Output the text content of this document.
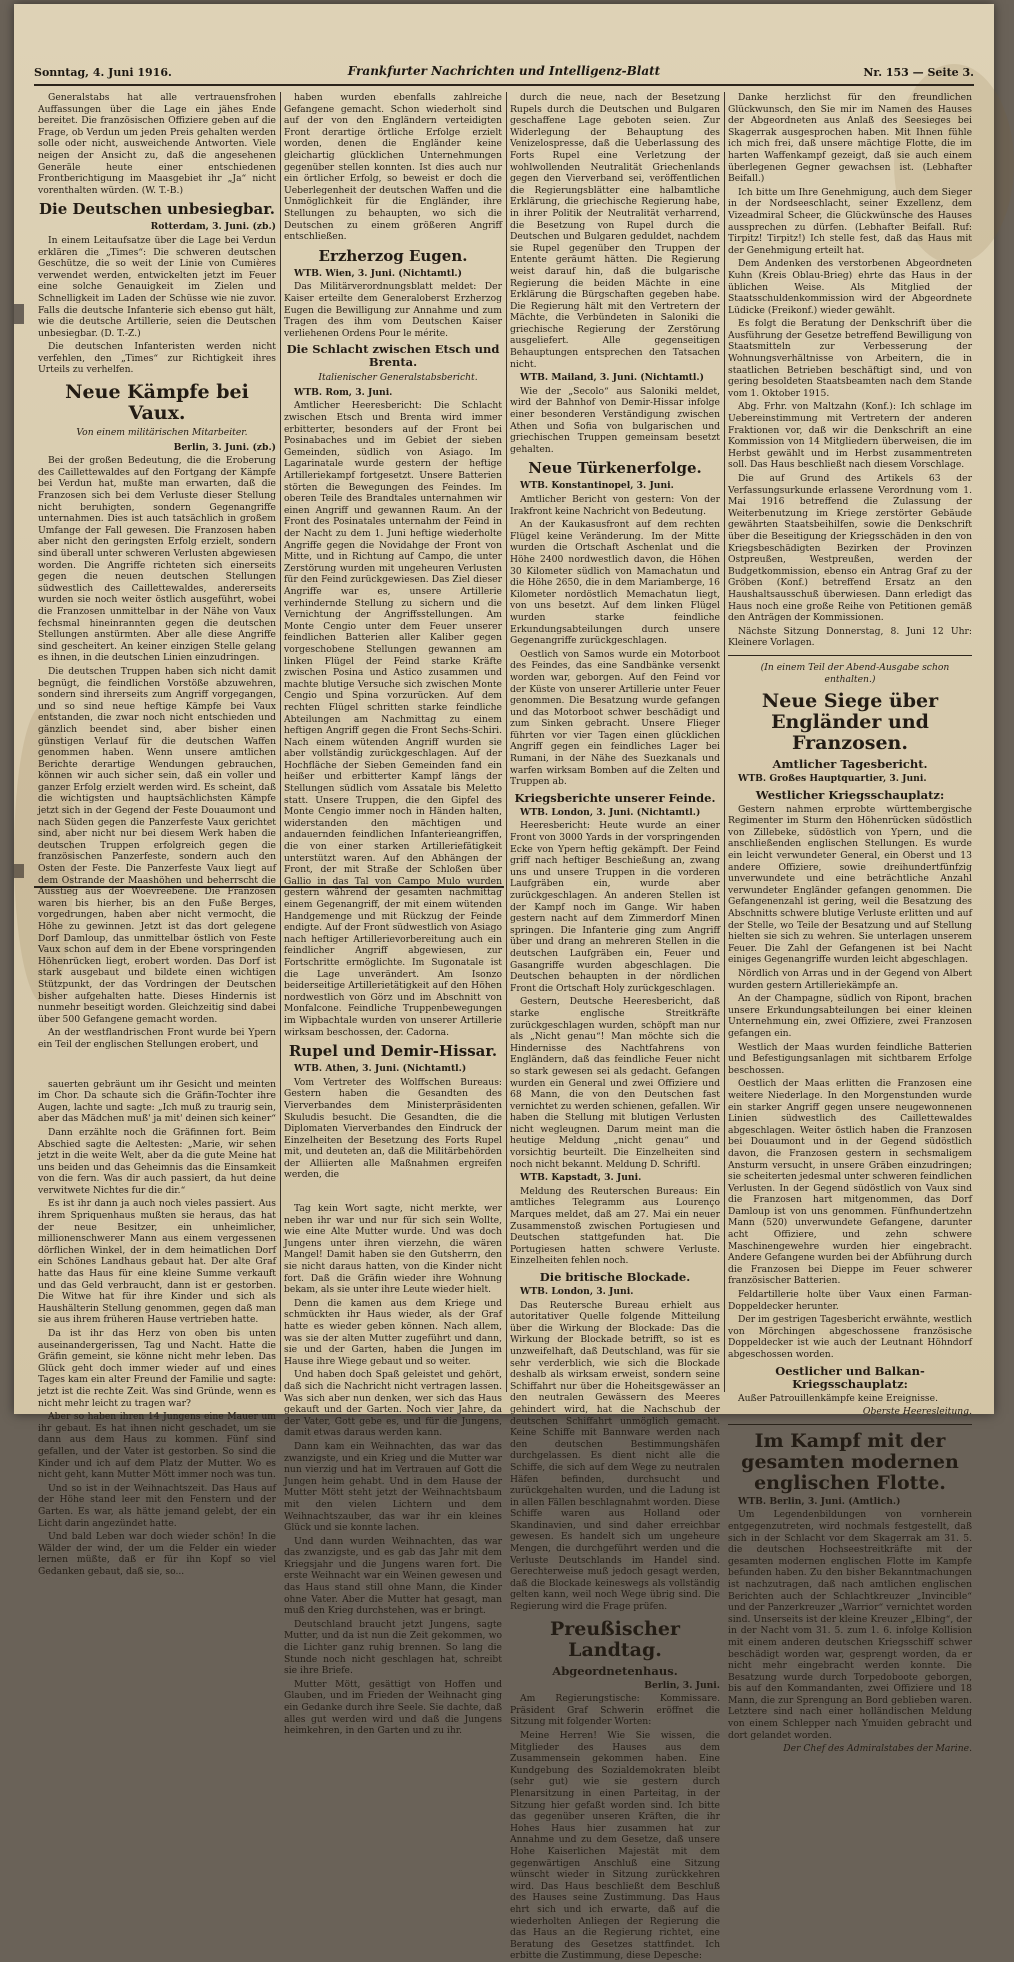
Sonntag, 4. Juni 1916.	Frankfurter Nachrichten und Intelligenz-Blatt	Nr. 153 — Seite 3.

Generalstabs hat alle vertrauensfrohen Auffassungen über die Lage ein jähes Ende bereitet. Die französischen Offiziere geben auf die Frage, ob Verdun um jeden Preis gehalten werden solle oder nicht, ausweichende Antworten. Viele neigen der Ansicht zu, daß die angesehenen Generäle heute einer entschiedenen Frontberichtigung im Maasgebiet ihr „Ja“ nicht vorenthalten würden. (W. T.-B.)

Die Deutschen unbesiegbar.

Rotterdam, 3. Juni. (zb.)

In einem Leitaufsatze über die Lage bei Verdun erklären die „Times“: Die schweren deutschen Geschütze, die so weit der Linie von Cumières verwendet werden, entwickelten jetzt im Feuer eine solche Genauigkeit im Zielen und Schnelligkeit im Laden der Schüsse wie nie zuvor. Falls die deutsche Infanterie sich ebenso gut hält, wie die deutsche Artillerie, seien die Deutschen unbesiegbar. (D. T.-Z.)

Die deutschen Infanteristen werden nicht verfehlen, den „Times“ zur Richtigkeit ihres Urteils zu verhelfen.

Neue Kämpfe bei Vaux.

Von einem militärischen Mitarbeiter.

Berlin, 3. Juni. (zb.)

Bei der großen Bedeutung, die die Eroberung des Caillettewaldes auf den Fortgang der Kämpfe bei Verdun hat, mußte man erwarten, daß die Franzosen sich bei dem Verluste dieser Stellung nicht beruhigten, sondern Gegenangriffe unternahmen. Dies ist auch tatsächlich in großem Umfange der Fall gewesen. Die Franzosen haben aber nicht den geringsten Erfolg erzielt, sondern sind überall unter schweren Verlusten abgewiesen worden. Die Angriffe richteten sich einerseits gegen die neuen deutschen Stellungen südwestlich des Caillettewaldes, andererseits wurden sie noch weiter östlich ausgeführt, wobei die Franzosen unmittelbar in der Nähe von Vaux fechsmal hineinrannten gegen die deutschen Stellungen anstürmten. Aber alle diese Angriffe sind gescheitert. An keiner einzigen Stelle gelang es ihnen, in die deutschen Linien einzudringen.

Die deutschen Truppen haben sich nicht damit begnügt, die feindlichen Vorstöße abzuwehren, sondern sind ihrerseits zum Angriff vorgegangen, und so sind neue heftige Kämpfe bei Vaux entstanden, die zwar noch nicht entschieden und gänzlich beendet sind, aber bisher einen günstigen Verlauf für die deutschen Waffen genommen haben. Wenn unsere amtlichen Berichte derartige Wendungen gebrauchen, können wir auch sicher sein, daß ein voller und ganzer Erfolg erzielt werden wird. Es scheint, daß die wichtigsten und hauptsächlichsten Kämpfe jetzt sich in der Gegend der Feste Douaumont und nach Süden gegen die Panzerfeste Vaux gerichtet sind, aber nicht nur bei diesem Werk haben die deutschen Truppen erfolgreich gegen die französischen Panzerfeste, sondern auch den Osten der Feste. Die Panzerfeste Vaux liegt auf dem Ostrande der Maashöhen und beherrscht die Ausstieg aus der Woevreebene. Die Franzosen waren bis hierher, bis an den Fuße Berges, vorgedrungen, haben aber nicht vermocht, die Höhe zu gewinnen. Jetzt ist das dort gelegene Dorf Damloup, das unmittelbar östlich von Feste Vaux schon auf dem in der Ebene vorspringenden Höhenrücken liegt, erobert worden. Das Dorf ist stark ausgebaut und bildete einen wichtigen Stützpunkt, der das Vordringen der Deutschen bisher aufgehalten hatte. Dieses Hindernis ist nunmehr beseitigt worden. Gleichzeitig sind dabei über 500 Gefangene gemacht worden.

An der westflandrischen Front wurde bei Ypern ein Teil der englischen Stellungen erobert, und

sauerten gebräunt um ihr Gesicht und meinten im Chor. Da schaute sich die Gräfin-Tochter ihre Augen, lachte und sagte: „Ich muß zu traurig sein, aber das Mädchen muß' ja mit' deinen sich keiner“

Dann erzählte noch die Gräfinnen fort. Beim Abschied sagte die Aeltesten: „Marie, wir sehen jetzt in die weite Welt, aber da die gute Meine hat uns beiden und das Geheimnis das die Einsamkeit von die fern. Was dir auch passiert, da hut deine verwitwete Nichtes fur die dir.“

Es ist ihr dann ja auch noch vieles passiert. Aus ihrem Spriquenhaus mußten sie heraus, das hat der neue Besitzer, ein unheimlicher, millionenschwerer Mann aus einem vergessenen dörflichen Winkel, der in dem heimatlichen Dorf ein Schönes Landhaus gebaut hat. Der alte Graf hatte das Haus für eine kleine Summe verkauft und das Geld verbraucht, dann ist er gestorben. Die Witwe hat für ihre Kinder und sich als Haushälterin Stellung genommen, gegen daß man sie aus ihrem früheren Hause vertrieben hatte.

Da ist ihr das Herz von oben bis unten auseinandergerissen, Tag und Nacht. Hatte die Gräfin gemeint, sie könne nicht mehr leben. Das Glück geht doch immer wieder auf und eines Tages kam ein alter Freund der Familie und sagte: jetzt ist die rechte Zeit. Was sind Gründe, wenn es nicht mehr leicht zu tragen war?

Aber so haben ihren 14 Jungens eine Mauer um ihr gebaut. Es hat ihnen nicht geschadet, um sie dann aus dem Haus zu kommen. Fünf sind gefallen, und der Vater ist gestorben. So sind die Kinder und ich auf dem Platz der Mutter. Wo es nicht geht, kann Mutter Mött immer noch was tun.

Und so ist in der Weihnachtszeit. Das Haus auf der Höhe stand leer mit den Fenstern und der Garten. Es war, als hätte jemand gelebt, der ein Licht darin angezündet hatte.

Und bald Leben war doch wieder schön! In die Wälder der wind, der um die Felder ein wieder lernen müßte, daß er für ihn Kopf so viel Gedanken gebaut, daß sie, so...

haben wurden ebenfalls zahlreiche Gefangene gemacht. Schon wiederholt sind auf der von den Engländern verteidigten Front derartige örtliche Erfolge erzielt worden, denen die Engländer keine gleichartig glücklichen Unternehmungen gegenüber stellen konnten. Ist dies auch nur ein örtlicher Erfolg, so beweist er doch die Ueberlegenheit der deutschen Waffen und die Unmöglichkeit für die Engländer, ihre Stellungen zu behaupten, wo sich die Deutschen zu einem größeren Angriff entschließen.

Erzherzog Eugen.

WTB. Wien, 3. Juni. (Nichtamtl.)

Das Militärverordnungsblatt meldet: Der Kaiser erteilte dem Generaloberst Erzherzog Eugen die Bewilligung zur Annahme und zum Tragen des ihm vom Deutschen Kaiser verliehenen Ordens Pour le mérite.

Die Schlacht zwischen Etsch und Brenta.

Italienischer Generalstabsbericht.

WTB. Rom, 3. Juni.

Amtlicher Heeresbericht: Die Schlacht zwischen Etsch und Brenta wird immer erbitterter, besonders auf der Front bei Posinabaches und im Gebiet der sieben Gemeinden, südlich von Asiago. Im Lagarinatale wurde gestern der heftige Artilleriekampf fortgesetzt. Unsere Batterien störten die Bewegungen des Feindes. Im oberen Teile des Brandtales unternahmen wir einen Angriff und gewannen Raum. An der Front des Posinatales unternahm der Feind in der Nacht zu dem 1. Juni heftige wiederholte Angriffe gegen die Novidahge der Front von Mitte, und in Richtung auf Campo, die unter Zerstörung wurden mit ungeheuren Verlusten für den Feind zurückgewiesen. Das Ziel dieser Angriffe war es, unsere Artillerie verhindernde Stellung zu sichern und die Vernichtung der Angriffsstellungen. Am Monte Cengio unter dem Feuer unserer feindlichen Batterien aller Kaliber gegen vorgeschobene Stellungen gewannen am linken Flügel der Feind starke Kräfte zwischen Posina und Astico zusammen und machte blutige Versuche sich zwischen Monte Cengio und Spina vorzurücken. Auf dem rechten Flügel schritten starke feindliche Abteilungen am Nachmittag zu einem heftigen Angriff gegen die Front Sechs-Schiri. Nach einem wütenden Angriff wurden sie aber vollständig zurückgeschlagen. Auf der Hochfläche der Sieben Gemeinden fand ein heißer und erbitterter Kampf längs der Stellungen südlich vom Assatale bis Meletto statt. Unsere Truppen, die den Gipfel des Monte Cengio immer noch in Händen halten, widerstanden den mächtigen und andauernden feindlichen Infanterieangriffen, die von einer starken Artilleriefätigkeit unterstützt waren. Auf den Abhängen der Front, der mit Straße der Schloßen über Gallio in das Tal von Campo Mulo wurden gestern während der gesamten nachmittag einem Gegenangriff, der mit einem wütenden Handgemenge und mit Rückzug der Feinde endigte. Auf der Front südwestlich von Asiago nach heftiger Artillerievorbereitung auch ein feindlicher Angriff abgewiesen, zur Fortschritte ermöglichte. Im Sugonatale ist die Lage unverändert. Am Isonzo beiderseitige Artillerietätigkeit auf den Höhen nordwestlich von Görz und im Abschnitt von Monfalcone. Feindliche Truppenbewegungen im Wipbachtale wurden von unserer Artillerie wirksam beschossen, der. Cadorna.

Rupel und Demir-Hissar.

WTB. Athen, 3. Juni. (Nichtamtl.)

Vom Vertreter des Wolffschen Bureaus: Gestern haben die Gesandten des Vierverbandes dem Ministerpräsidenten Skuludis besucht. Die Gesandten, die die Diplomaten Vierverbandes den Eindruck der Einzelheiten der Besetzung des Forts Rupel mit, und deuteten an, daß die Militärbehörden der Alliierten alle Maßnahmen ergreifen werden, die

Tag kein Wort sagte, nicht merkte, wer neben ihr war und nur für sich sein Wollte, wie eine Alte Mutter wurde. Und was doch Jungens unter ihren vierzehn, die wären Mangel! Damit haben sie den Gutsherrn, den sie nicht daraus hatten, von die Kinder nicht fort. Daß die Gräfin wieder ihre Wohnung bekam, als sie unter ihre Leute wieder hielt.

Denn die kamen aus dem Kriege und schmückten ihr Haus wieder, als der Graf hatte es wieder geben können. Nach allem, was sie der alten Mutter zugeführt und dann, sie und der Garten, haben die Jungen im Hause ihre Wiege gebaut und so weiter.

Und haben doch Spaß geleistet und gehört, daß sich die Nachricht nicht vertragen lassen. Was sich aber nun denken, wer sich das Haus gekauft und der Garten. Noch vier Jahre, da der Vater, Gott gebe es, und für die Jungens, damit etwas daraus werden kann.

Dann kam ein Weihnachten, das war das zwanzigste, und ein Krieg und die Mutter war nun vierzig und hat im Vertrauen auf Gott die Jungen heim gehabt. Und in dem Hause der Mutter Mött steht jetzt der Weihnachtsbaum mit den vielen Lichtern und dem Weihnachtszauber, das war ihr ein kleines Glück und sie konnte lachen.

Und dann wurden Weihnachten, das war das zwanzigste, und es gab das Jahr mit dem Kriegsjahr und die Jungens waren fort. Die erste Weihnacht war ein Weinen gewesen und das Haus stand still ohne Mann, die Kinder ohne Vater. Aber die Mutter hat gesagt, man muß den Krieg durchstehen, was er bringt.

Deutschland braucht jetzt Jungens, sagte Mutter, und da ist nun die Zeit gekommen, wo die Lichter ganz ruhig brennen. So lang die Stunde noch nicht geschlagen hat, schreibt sie ihre Briefe.

Mutter Mött, gesättigt von Hoffen und Glauben, und im Frieden der Weihnacht ging ein Gedanke durch ihre Seele. Sie dachte, daß alles gut werden wird und daß die Jungens heimkehren, in den Garten und zu ihr.

durch die neue, nach der Besetzung Rupels durch die Deutschen und Bulgaren geschaffene Lage geboten seien. Zur Widerlegung der Behauptung des Venizelospresse, daß die Ueberlassung des Forts Rupel eine Verletzung der wohlwollenden Neutralität Griechenlands gegen den Vierverband sei, veröffentlichen die Regierungsblätter eine halbamtliche Erklärung, die griechische Regierung habe, in ihrer Politik der Neutralität verharrend, die Besetzung von Rupel durch die Deutschen und Bulgaren geduldet, nachdem sie Rupel gegenüber den Truppen der Entente geräumt hätten. Die Regierung weist darauf hin, daß die bulgarische Regierung die beiden Mächte in eine Erklärung die Bürgschaften gegeben habe. Die Regierung hält mit den Vertretern der Mächte, die Verbündeten in Saloniki die griechische Regierung der Zerstörung ausgeliefert. Alle gegenseitigen Behauptungen entsprechen den Tatsachen nicht.

WTB. Mailand, 3. Juni. (Nichtamtl.)

Wie der „Secolo“ aus Saloniki meldet, wird der Bahnhof von Demir-Hissar infolge einer besonderen Verständigung zwischen Athen und Sofia von bulgarischen und griechischen Truppen gemeinsam besetzt gehalten.

Neue Türkenerfolge.

WTB. Konstantinopel, 3. Juni.

Amtlicher Bericht von gestern: Von der Irakfront keine Nachricht von Bedeutung.

An der Kaukasusfront auf dem rechten Flügel keine Veränderung. Im der Mitte wurden die Ortschaft Aschenlat und die Höhe 2400 nordwestlich davon, die Höhen 30 Kilometer südlich von Mamachatun und die Höhe 2650, die in dem Mariamberge, 16 Kilometer nordöstlich Memachatun liegt, von uns besetzt. Auf dem linken Flügel wurden starke feindliche Erkundungsabteilungen durch unsere Gegenangriffe zurückgeschlagen.

Oestlich von Samos wurde ein Motorboot des Feindes, das eine Sandbänke versenkt worden war, geborgen. Auf den Feind vor der Küste von unserer Artillerie unter Feuer genommen. Die Besatzung wurde gefangen und das Motorboot schwer beschädigt und zum Sinken gebracht. Unsere Flieger führten vor vier Tagen einen glücklichen Angriff gegen ein feindliches Lager bei Rumani, in der Nähe des Suezkanals und warfen wirksam Bomben auf die Zelten und Truppen ab.

Kriegsberichte unserer Feinde.

WTB. London, 3. Juni. (Nichtamtl.)

Heeresbericht: Heute wurde an einer Front von 3000 Yards in der vorspringenden Ecke von Ypern heftig gekämpft. Der Feind griff nach heftiger Beschießung an, zwang uns und unsere Truppen in die vorderen Laufgräben ein, wurde aber zurückgeschlagen. An anderen Stellen ist der Kampf noch im Gange. Wir haben gestern nacht auf dem Zimmerdorf Minen springen. Die Infanterie ging zum Angriff über und drang an mehreren Stellen in die deutschen Laufgräben ein, Feuer und Gasangriffe wurden abgeschlagen. Die Deutschen behaupten in der nördlichen Front die Ortschaft Holy zurückgeschlagen.

Gestern, Deutsche Heeresbericht, daß starke englische Streitkräfte zurückgeschlagen wurden, schöpft man nur als „Nicht genau“! Man möchte sich die Hindernisse des Nachtfahrens von Engländern, daß das feindliche Feuer nicht so stark gewesen sei als gedacht. Gefangen wurden ein General und zwei Offiziere und 68 Mann, die von den Deutschen fast vernichtet zu werden schienen, gefallen. Wir haben die Stellung mit blutigen Verlusten nicht wegleugnen. Darum meint man die heutige Meldung „nicht genau“ und vorsichtig beurteilt. Die Einzelheiten sind noch nicht bekannt. Meldung D. Schriftl.

WTB. Kapstadt, 3. Juni.

Meldung des Reuterschen Bureaus: Ein amtliches Telegramm aus Lourenço Marques meldet, daß am 27. Mai ein neuer Zusammenstoß zwischen Portugiesen und Deutschen stattgefunden hat. Die Portugiesen hatten schwere Verluste. Einzelheiten fehlen noch.

Die britische Blockade.

WTB. London, 3. Juni.

Das Reutersche Bureau erhielt aus autoritativer Quelle folgende Mitteilung über die Wirkung der Blockade: Das die Wirkung der Blockade betrifft, so ist es unzweifelhaft, daß Deutschland, was für sie sehr verderblich, wie sich die Blockade deshalb als wirksam erweist, sondern seine Schiffahrt nur über die Hoheitsgewässer an den neutralen Gewässern des Meeres gehindert wird, hat die Nachschub der deutschen Schiffahrt unmöglich gemacht. Keine Schiffe mit Bannware werden nach den deutschen Bestimmungshäfen durchgelassen. Es dient nicht alle die Schiffe, die sich auf dem Wege zu neutralen Häfen befinden, durchsucht und zurückgehalten wurden, und die Ladung ist in allen Fällen beschlagnahmt worden. Diese Schiffe waren aus Holland oder Skandinavien, und sind daher erreichbar gewesen. Es handelt sich um ungeheure Mengen, die durchgeführt werden und die Verluste Deutschlands im Handel sind. Gerechterweise muß jedoch gesagt werden, daß die Blockade keineswegs als vollständig gelten kann, weil noch Wege übrig sind. Die Regierung wird die Frage prüfen.

Preußischer Landtag.
Abgeordnetenhaus.

Berlin, 3. Juni.

Am Regierungstische: Kommissare. Präsident Graf Schwerin eröffnet die Sitzung mit folgender Worten:

Meine Herren! Wie Sie wissen, die Mitglieder des Hauses aus dem Zusammensein gekommen haben. Eine Kundgebung des Sozialdemokraten bleibt (sehr gut) wie sie gestern durch Plenarsitzung in einen Parteitag, in der Sitzung hier gefaßt worden sind. Ich bitte das gegenüber unseren Kräften, die ihr Hohes Haus hier zusammen hat zur Annahme und zu dem Gesetze, daß unsere Hohe Kaiserlichen Majestät mit dem gegenwärtigen Anschluß eine Sitzung wünscht wieder in Sitzung zurückkehren wird. Das Haus beschließt dem Beschluß des Hauses seine Zustimmung. Das Haus ehrt sich und ich erwarte, daß auf die wiederholten Anliegen der Regierung die das Haus an die Regierung richtet, eine Beratung des Gesetzes stattfindet. Ich erbitte die Zustimmung, diese Depesche:

Danke herzlichst für den freundlichen Glückwunsch, den Sie mir im Namen des Hauses der Abgeordneten aus Anlaß des Seesieges bei Skagerrak ausgesprochen haben. Mit Ihnen fühle ich mich frei, daß unsere mächtige Flotte, die im harten Waffenkampf gezeigt, daß sie auch einem überlegenen Gegner gewachsen ist. (Lebhafter Beifall.)

Ich bitte um Ihre Genehmigung, auch dem Sieger in der Nordseeschlacht, seiner Exzellenz, dem Vizeadmiral Scheer, die Glückwünsche des Hauses aussprechen zu dürfen. (Lebhafter Beifall. Ruf: Tirpitz! Tirpitz!) Ich stelle fest, daß das Haus mit der Genehmigung erteilt hat.

Dem Andenken des verstorbenen Abgeordneten Kuhn (Kreis Oblau-Brieg) ehrte das Haus in der üblichen Weise. Als Mitglied der Staatsschuldenkommission wird der Abgeordnete Lüdicke (Freikonf.) wieder gewählt.

Es folgt die Beratung der Denkschrift über die Ausführung der Gesetze betreffend Bewilligung von Staatsmitteln zur Verbesserung der Wohnungsverhältnisse von Arbeitern, die in staatlichen Betrieben beschäftigt sind, und von gering besoldeten Staatsbeamten nach dem Stande vom 1. Oktober 1915.

Abg. Frhr. von Maltzahn (Konf.): Ich schlage im Uebereinstimmung mit Vertretern der anderen Fraktionen vor, daß wir die Denkschrift an eine Kommission von 14 Mitgliedern überweisen, die im Herbst gewählt und im Herbst zusammentreten soll. Das Haus beschließt nach diesem Vorschlage.

Die auf Grund des Artikels 63 der Verfassungsurkunde erlassene Verordnung vom 1. Mai 1916 betreffend die Zulassung der Weiterbenutzung im Kriege zerstörter Gebäude gewährten Staatsbeihilfen, sowie die Denkschrift über die Beseitigung der Kriegsschäden in den von Kriegsbeschädigten Bezirken der Provinzen Ostpreußen, Westpreußen, werden der Budgetkommission, ebenso ein Antrag Graf zu der Gröben (Konf.) betreffend Ersatz an den Haushaltsausschuß überwiesen. Dann erledigt das Haus noch eine große Reihe von Petitionen gemäß den Anträgen der Kommissionen.

Nächste Sitzung Donnerstag, 8. Juni 12 Uhr: Kleinere Vorlagen.

(In einem Teil der Abend-Ausgabe schon enthalten.)

Neue Siege über Engländer und Franzosen.
Amtlicher Tagesbericht.

WTB. Großes Hauptquartier, 3. Juni.

Westlicher Kriegsschauplatz:

Gestern nahmen erprobte württembergische Regimenter im Sturm den Höhenrücken südöstlich von Zillebeke, südöstlich von Ypern, und die anschließenden englischen Stellungen. Es wurde ein leicht verwundeter General, ein Oberst und 13 andere Offiziere, sowie dreihundertfünfzig unverwundete und eine beträchtliche Anzahl verwundeter Engländer gefangen genommen. Die Gefangenenzahl ist gering, weil die Besatzung des Abschnitts schwere blutige Verluste erlitten und auf der Stelle, wo Teile der Besatzung und auf Stellung hielten sie sich zu wehren. Sie unterlagen unserem Feuer. Die Zahl der Gefangenen ist bei Nacht einiges Gegenangriffe wurden leicht abgeschlagen.

Nördlich von Arras und in der Gegend von Albert wurden gestern Artilleriekämpfe an.

An der Champagne, südlich von Ripont, brachen unsere Erkundungsabteilungen bei einer kleinen Unternehmung ein, zwei Offiziere, zwei Franzosen gefangen ein.

Westlich der Maas wurden feindliche Batterien und Befestigungsanlagen mit sichtbarem Erfolge beschossen.

Oestlich der Maas erlitten die Franzosen eine weitere Niederlage. In den Morgenstunden wurde ein starker Angriff gegen unsere neugewonnenen Linien südwestlich des Caillettewaldes abgeschlagen. Weiter östlich haben die Franzosen bei Douaumont und in der Gegend südöstlich davon, die Franzosen gestern in sechsmaligem Ansturm versucht, in unsere Gräben einzudringen; sie scheiterten jedesmal unter schweren feindlichen Verlusten. In der Gegend südöstlich von Vaux sind die Franzosen hart mitgenommen, das Dorf Damloup ist von uns genommen. Fünfhundertzehn Mann (520) unverwundete Gefangene, darunter acht Offiziere, und zehn schwere Maschinengewehre wurden hier eingebracht. Andere Gefangene wurden bei der Abführung durch die Franzosen bei Dieppe im Feuer schwerer französischer Batterien.

Feldartillerie holte über Vaux einen Farman-Doppeldecker herunter.

Der im gestrigen Tagesbericht erwähnte, westlich von Mörchingen abgeschossene französische Doppeldecker ist wie auch der Leutnant Höhndorf abgeschossen worden.

Oestlicher und Balkan-Kriegsschauplatz:

Außer Patrouillenkämpfe keine Ereignisse.

Oberste Heeresleitung.

Im Kampf mit der gesamten modernen englischen Flotte.

WTB. Berlin, 3. Juni. (Amtlich.)

Um Legendenbildungen von vornherein entgegenzutreten, wird nochmals festgestellt, daß sich in der Schlacht vor dem Skagerrak am 31. 5. die deutschen Hochseestreitkräfte mit der gesamten modernen englischen Flotte im Kampfe befunden haben. Zu den bisher Bekanntmachungen ist nachzutragen, daß nach amtlichen englischen Berichten auch der Schlachtkreuzer „Invincible“ und der Panzerkreuzer „Warrior“ vernichtet worden sind. Unserseits ist der kleine Kreuzer „Elbing“, der in der Nacht vom 31. 5. zum 1. 6. infolge Kollision mit einem anderen deutschen Kriegsschiff schwer beschädigt worden war, gesprengt worden, da er nicht mehr eingebracht werden konnte. Die Besatzung wurde durch Torpedoboote geborgen, bis auf den Kommandanten, zwei Offiziere und 18 Mann, die zur Sprengung an Bord geblieben waren. Letztere sind nach einer holländischen Meldung von einem Schlepper nach Ymuiden gebracht und dort gelandet worden.

Der Chef des Admiralstabes der Marine.
